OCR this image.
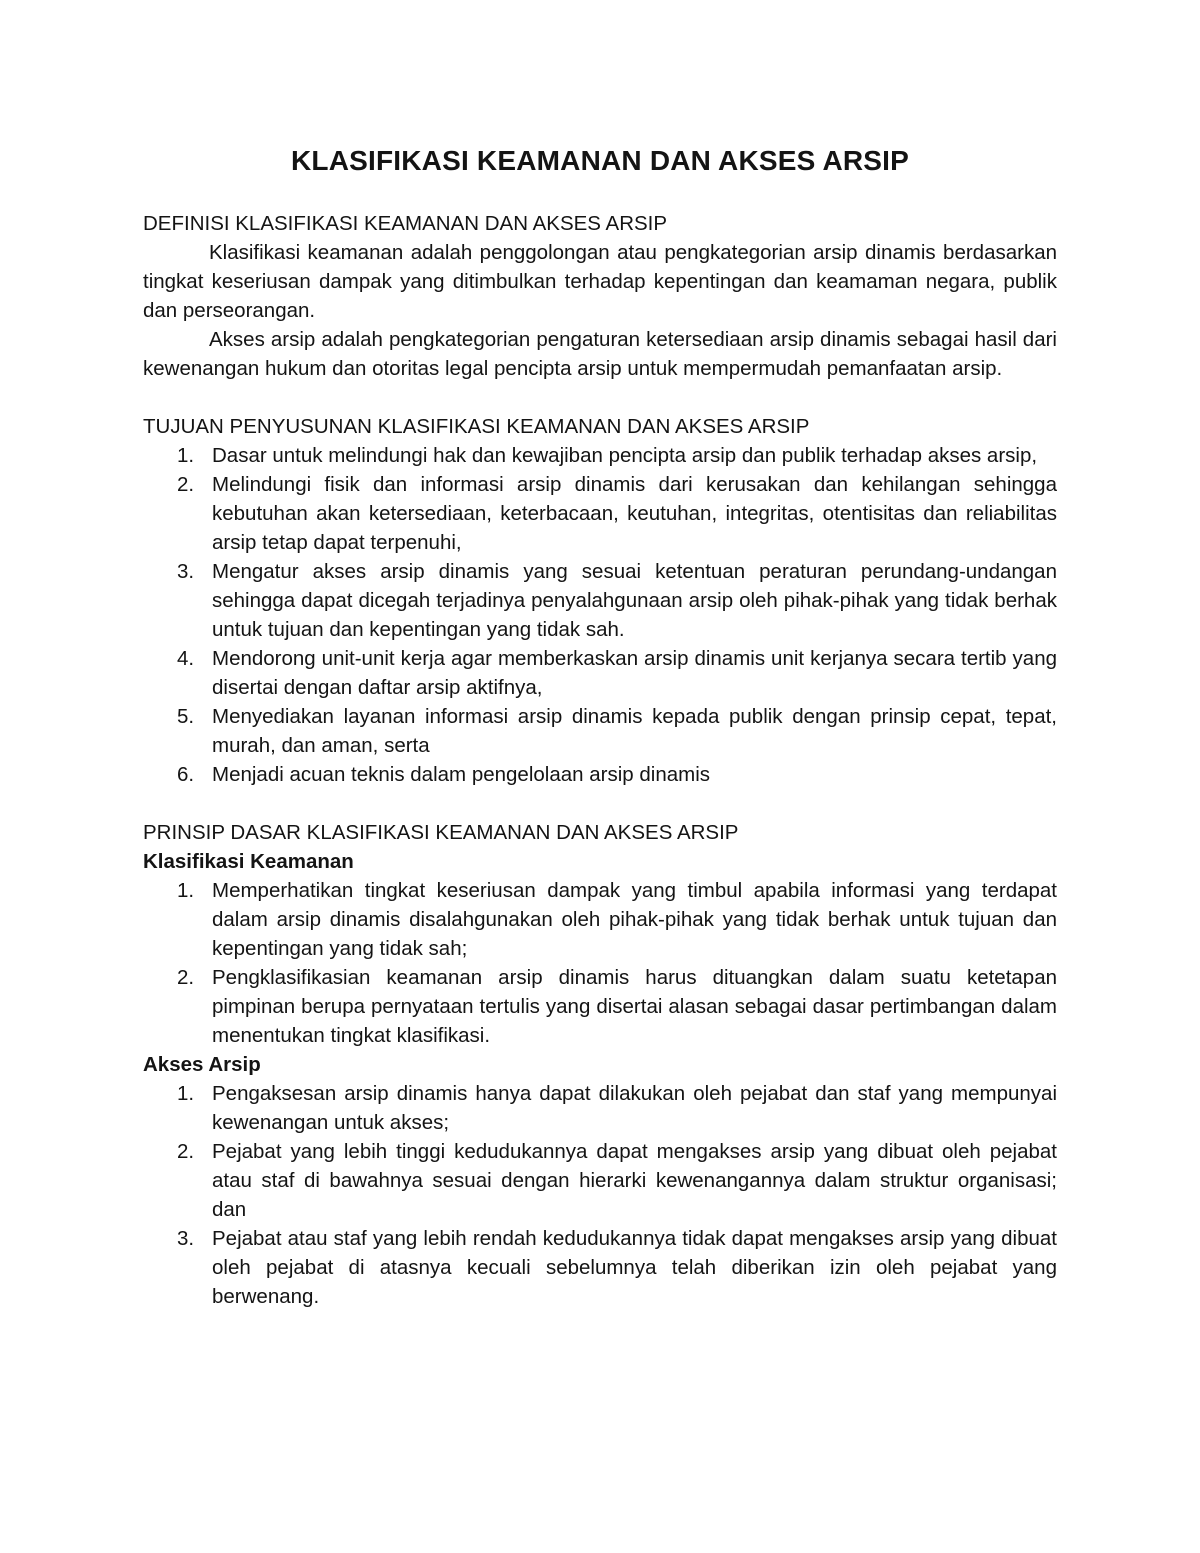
KLASIFIKASI KEAMANAN DAN AKSES ARSIP

DEFINISI KLASIFIKASI KEAMANAN DAN AKSES ARSIP

Klasifikasi keamanan adalah penggolongan atau pengkategorian arsip dinamis berdasarkan tingkat keseriusan dampak yang ditimbulkan terhadap kepentingan dan keamaman negara, publik dan perseorangan.

Akses arsip adalah pengkategorian pengaturan ketersediaan arsip dinamis sebagai hasil dari kewenangan hukum dan otoritas legal pencipta arsip untuk mempermudah pemanfaatan arsip.

TUJUAN PENYUSUNAN KLASIFIKASI KEAMANAN DAN AKSES ARSIP

1. Dasar untuk melindungi hak dan kewajiban pencipta arsip dan publik terhadap akses arsip,
2. Melindungi fisik dan informasi arsip dinamis dari kerusakan dan kehilangan sehingga kebutuhan akan ketersediaan, keterbacaan, keutuhan, integritas, otentisitas dan reliabilitas arsip tetap dapat terpenuhi,
3. Mengatur akses arsip dinamis yang sesuai ketentuan peraturan perundang-undangan sehingga dapat dicegah terjadinya penyalahgunaan arsip oleh pihak-pihak yang tidak berhak untuk tujuan dan kepentingan yang tidak sah.
4. Mendorong unit-unit kerja agar memberkaskan arsip dinamis unit kerjanya secara tertib yang disertai dengan daftar arsip aktifnya,
5. Menyediakan layanan informasi arsip dinamis kepada publik dengan prinsip cepat, tepat, murah, dan aman, serta
6. Menjadi acuan teknis dalam pengelolaan arsip dinamis

PRINSIP DASAR KLASIFIKASI KEAMANAN DAN AKSES ARSIP

Klasifikasi Keamanan

1. Memperhatikan tingkat keseriusan dampak yang timbul apabila informasi yang terdapat dalam arsip dinamis disalahgunakan oleh pihak-pihak yang tidak berhak untuk tujuan dan kepentingan yang tidak sah;
2. Pengklasifikasian keamanan arsip dinamis harus dituangkan dalam suatu ketetapan pimpinan berupa pernyataan tertulis yang disertai alasan sebagai dasar pertimbangan dalam menentukan tingkat klasifikasi.

Akses Arsip

1. Pengaksesan arsip dinamis hanya dapat dilakukan oleh pejabat dan staf yang mempunyai kewenangan untuk akses;
2. Pejabat yang lebih tinggi kedudukannya dapat mengakses arsip yang dibuat oleh pejabat atau staf di bawahnya sesuai dengan hierarki kewenangannya dalam struktur organisasi; dan
3. Pejabat atau staf yang lebih rendah kedudukannya tidak dapat mengakses arsip yang dibuat oleh pejabat di atasnya kecuali sebelumnya telah diberikan izin oleh pejabat yang berwenang.
